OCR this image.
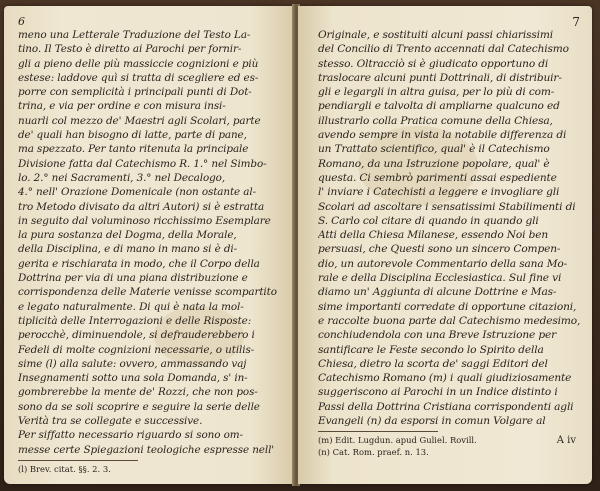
6
meno una Letterale Traduzione del Testo La-
tino. Il Testo è diretto ai Parochi per fornir-
gli a pieno delle più massiccie cognizioni e più
estese: laddove quì si tratta di scegliere ed es-
porre con semplicità i principali punti di Dot-
trina, e via per ordine e con misura insi-
nuarli col mezzo de' Maestri agli Scolari, parte
de' quali han bisogno di latte, parte di pane,
ma spezzato. Per tanto ritenuta la principale
Divisione fatta dal Catechismo R. 1.° nel Simbo-
lo. 2.° nei Sacramenti, 3.° nel Decalogo,
4.° nell' Orazione Domenicale (non ostante al-
tro Metodo divisato da altri Autori) si è estratta
in seguito dal voluminoso ricchissimo Esemplare
la pura sostanza del Dogma, della Morale,
della Disciplina, e di mano in mano si è di-
gerita e rischiarata in modo, che il Corpo della
Dottrina per via di una piana distribuzione e
corrispondenza delle Materie venisse scompartito
e legato naturalmente. Di qui è nata la mol-
tiplicità delle Interrogazioni e delle Risposte:
perocchè, diminuendole, si defrauderebbero i
Fedeli di molte cognizioni necessarie, o utilis-
sime (l) alla salute: ovvero, ammassando vaj
Insegnamenti sotto una sola Domanda, s' in-
gombrerebbe la mente de' Rozzi, che non pos-
sono da se soli scoprire e seguire la serie delle
Verità tra se collegate e successive.
Per siffatto necessario riguardo si sono om-
messe certe Spiegazioni teologiche espresse nell'
(l) Brev. citat. §§. 2. 3.
7
Originale, e sostituiti alcuni passi chiarissimi
del Concilio di Trento accennati dal Catechismo
stesso. Oltracciò si è giudicato opportuno di
traslocare alcuni punti Dottrinali, di distribuir-
gli e legargli in altra guisa, per lo più di com-
pendiargli e talvolta di ampliarne qualcuno ed
illustrarlo colla Pratica comune della Chiesa,
avendo sempre in vista la notabile differenza di
un Trattato scientifico, qual' è il Catechismo
Romano, da una Istruzione popolare, qual' è
questa. Ci sembrò parimenti assai espediente
l' inviare i Catechisti a leggere e invogliare gli
Scolari ad ascoltare i sensatissimi Stabilimenti di
S. Carlo col citare di quando in quando gli
Atti della Chiesa Milanese, essendo Noi ben
persuasi, che Questi sono un sincero Compen-
dio, un autorevole Commentario della sana Mo-
rale e della Disciplina Ecclesiastica. Sul fine vi
diamo un' Aggiunta di alcune Dottrine e Mas-
sime importanti corredate di opportune citazioni,
e raccolte buona parte dal Catechismo medesimo,
conchiudendola con una Breve Istruzione per
santificare le Feste secondo lo Spirito della
Chiesa, dietro la scorta de' saggi Editori del
Catechismo Romano (m) i quali giudiziosamente
suggeriscono ai Parochi in un Indice distinto i
Passi della Dottrina Cristiana corrispondenti agli
Evangeli (n) da esporsi in comun Volgare al
(m) Edit. Lugdun. apud Guliel. Rovill.
(n) Cat. Rom. praef. n. 13.
A iv
